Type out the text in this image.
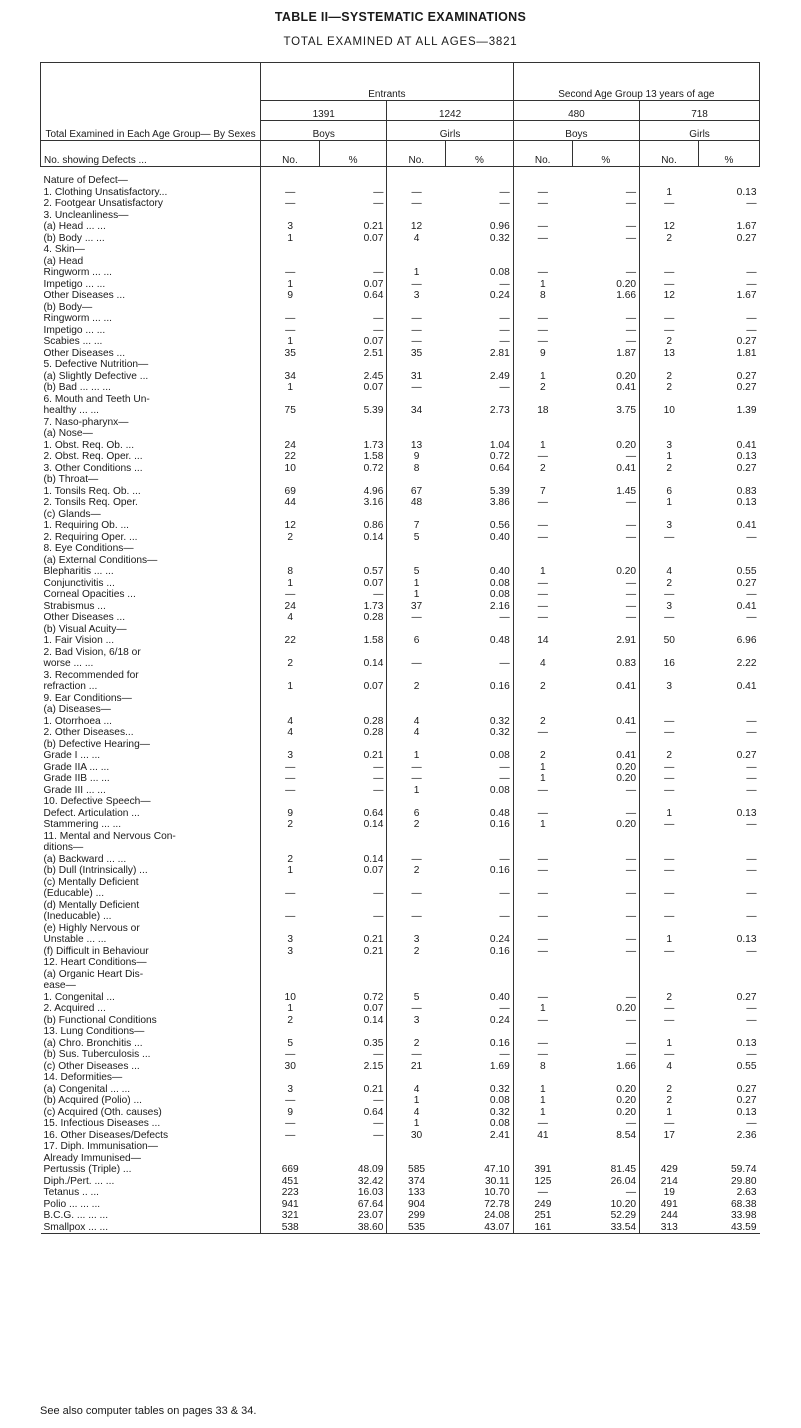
TABLE II—SYSTEMATIC EXAMINATIONS
TOTAL EXAMINED AT ALL AGES—3821
Total Examined in Each Age Group— By Sexes	Entrants				Second Age Group 13 years of age			
	1391		1242		480		718	
	Boys		Girls		Boys		Girls	
No. showing Defects ...	No.	%	No.	%	No.	%	No.	%

Nature of Defect—								
1. Clothing Unsatisfactory...	—	—	—	—	—	—	1	0.13
2. Footgear Unsatisfactory	—	—	—	—	—	—	—	—
3. Uncleanliness—								
(a) Head ... ...	3	0.21	12	0.96	—	—	12	1.67
(b) Body ... ...	1	0.07	4	0.32	—	—	2	0.27
4. Skin—								
(a) Head								
Ringworm ... ...	—	—	1	0.08	—	—	—	—
Impetigo ... ...	1	0.07	—	—	1	0.20	—	—
Other Diseases ...	9	0.64	3	0.24	8	1.66	12	1.67
(b) Body—								
Ringworm ... ...	—	—	—	—	—	—	—	—
Impetigo ... ...	—	—	—	—	—	—	—	—
Scabies ... ...	1	0.07	—	—	—	—	2	0.27
Other Diseases ...	35	2.51	35	2.81	9	1.87	13	1.81
5. Defective Nutrition—								
(a) Slightly Defective ...	34	2.45	31	2.49	1	0.20	2	0.27
(b) Bad ... ... ...	1	0.07	—	—	2	0.41	2	0.27
6. Mouth and Teeth Un-								
healthy ... ...	75	5.39	34	2.73	18	3.75	10	1.39
7. Naso-pharynx—								
(a) Nose—								
1. Obst. Req. Ob. ...	24	1.73	13	1.04	1	0.20	3	0.41
2. Obst. Req. Oper. ...	22	1.58	9	0.72	—	—	1	0.13
3. Other Conditions ...	10	0.72	8	0.64	2	0.41	2	0.27
(b) Throat—								
1. Tonsils Req. Ob. ...	69	4.96	67	5.39	7	1.45	6	0.83
2. Tonsils Req. Oper.	44	3.16	48	3.86	—	—	1	0.13
(c) Glands—								
1. Requiring Ob. ...	12	0.86	7	0.56	—	—	3	0.41
2. Requiring Oper. ...	2	0.14	5	0.40	—	—	—	—
8. Eye Conditions—								
(a) External Conditions—								
Blepharitis ... ...	8	0.57	5	0.40	1	0.20	4	0.55
Conjunctivitis ...	1	0.07	1	0.08	—	—	2	0.27
Corneal Opacities ...	—	—	1	0.08	—	—	—	—
Strabismus ...	24	1.73	37	2.16	—	—	3	0.41
Other Diseases ...	4	0.28	—	—	—	—	—	—
(b) Visual Acuity—								
1. Fair Vision ...	22	1.58	6	0.48	14	2.91	50	6.96
2. Bad Vision, 6/18 or								
worse ... ...	2	0.14	—	—	4	0.83	16	2.22
3. Recommended for								
refraction ...	1	0.07	2	0.16	2	0.41	3	0.41
9. Ear Conditions—								
(a) Diseases—								
1. Otorrhoea ...	4	0.28	4	0.32	2	0.41	—	—
2. Other Diseases...	4	0.28	4	0.32	—	—	—	—
(b) Defective Hearing—								
Grade I ... ...	3	0.21	1	0.08	2	0.41	2	0.27
Grade IIA ... ...	—	—	—	—	1	0.20	—	—
Grade IIB ... ...	—	—	—	—	1	0.20	—	—
Grade III ... ...	—	—	1	0.08	—	—	—	—
10. Defective Speech—								
Defect. Articulation ...	9	0.64	6	0.48	—	—	1	0.13
Stammering ... ...	2	0.14	2	0.16	1	0.20	—	—
11. Mental and Nervous Con-								
ditions—								
(a) Backward ... ...	2	0.14	—	—	—	—	—	—
(b) Dull (Intrinsically) ...	1	0.07	2	0.16	—	—	—	—
(c) Mentally Deficient								
(Educable) ...	—	—	—	—	—	—	—	—
(d) Mentally Deficient								
(Ineducable) ...	—	—	—	—	—	—	—	—
(e) Highly Nervous or								
Unstable ... ...	3	0.21	3	0.24	—	—	1	0.13
(f) Difficult in Behaviour	3	0.21	2	0.16	—	—	—	—
12. Heart Conditions—								
(a) Organic Heart Dis-								
ease—								
1. Congenital ...	10	0.72	5	0.40	—	—	2	0.27
2. Acquired ...	1	0.07	—	—	1	0.20	—	—
(b) Functional Conditions	2	0.14	3	0.24	—	—	—	—
13. Lung Conditions—								
(a) Chro. Bronchitis ...	5	0.35	2	0.16	—	—	1	0.13
(b) Sus. Tuberculosis ...	—	—	—	—	—	—	—	—
(c) Other Diseases ...	30	2.15	21	1.69	8	1.66	4	0.55
14. Deformities—								
(a) Congenital ... ...	3	0.21	4	0.32	1	0.20	2	0.27
(b) Acquired (Polio) ...	—	—	1	0.08	1	0.20	2	0.27
(c) Acquired (Oth. causes)	9	0.64	4	0.32	1	0.20	1	0.13
15. Infectious Diseases ...	—	—	1	0.08	—	—	—	—
16. Other Diseases/Defects	—	—	30	2.41	41	8.54	17	2.36
17. Diph. Immunisation—								
Already Immunised—								
Pertussis (Triple) ...	669	48.09	585	47.10	391	81.45	429	59.74
Diph./Pert. ... ...	451	32.42	374	30.11	125	26.04	214	29.80
Tetanus .. ...	223	16.03	133	10.70	—	—	19	2.63
Polio ... ... ...	941	67.64	904	72.78	249	10.20	491	68.38
B.C.G. ... ... ...	321	23.07	299	24.08	251	52.29	244	33.98
Smallpox ... ...	538	38.60	535	43.07	161	33.54	313	43.59
See also computer tables on pages 33 & 34.
